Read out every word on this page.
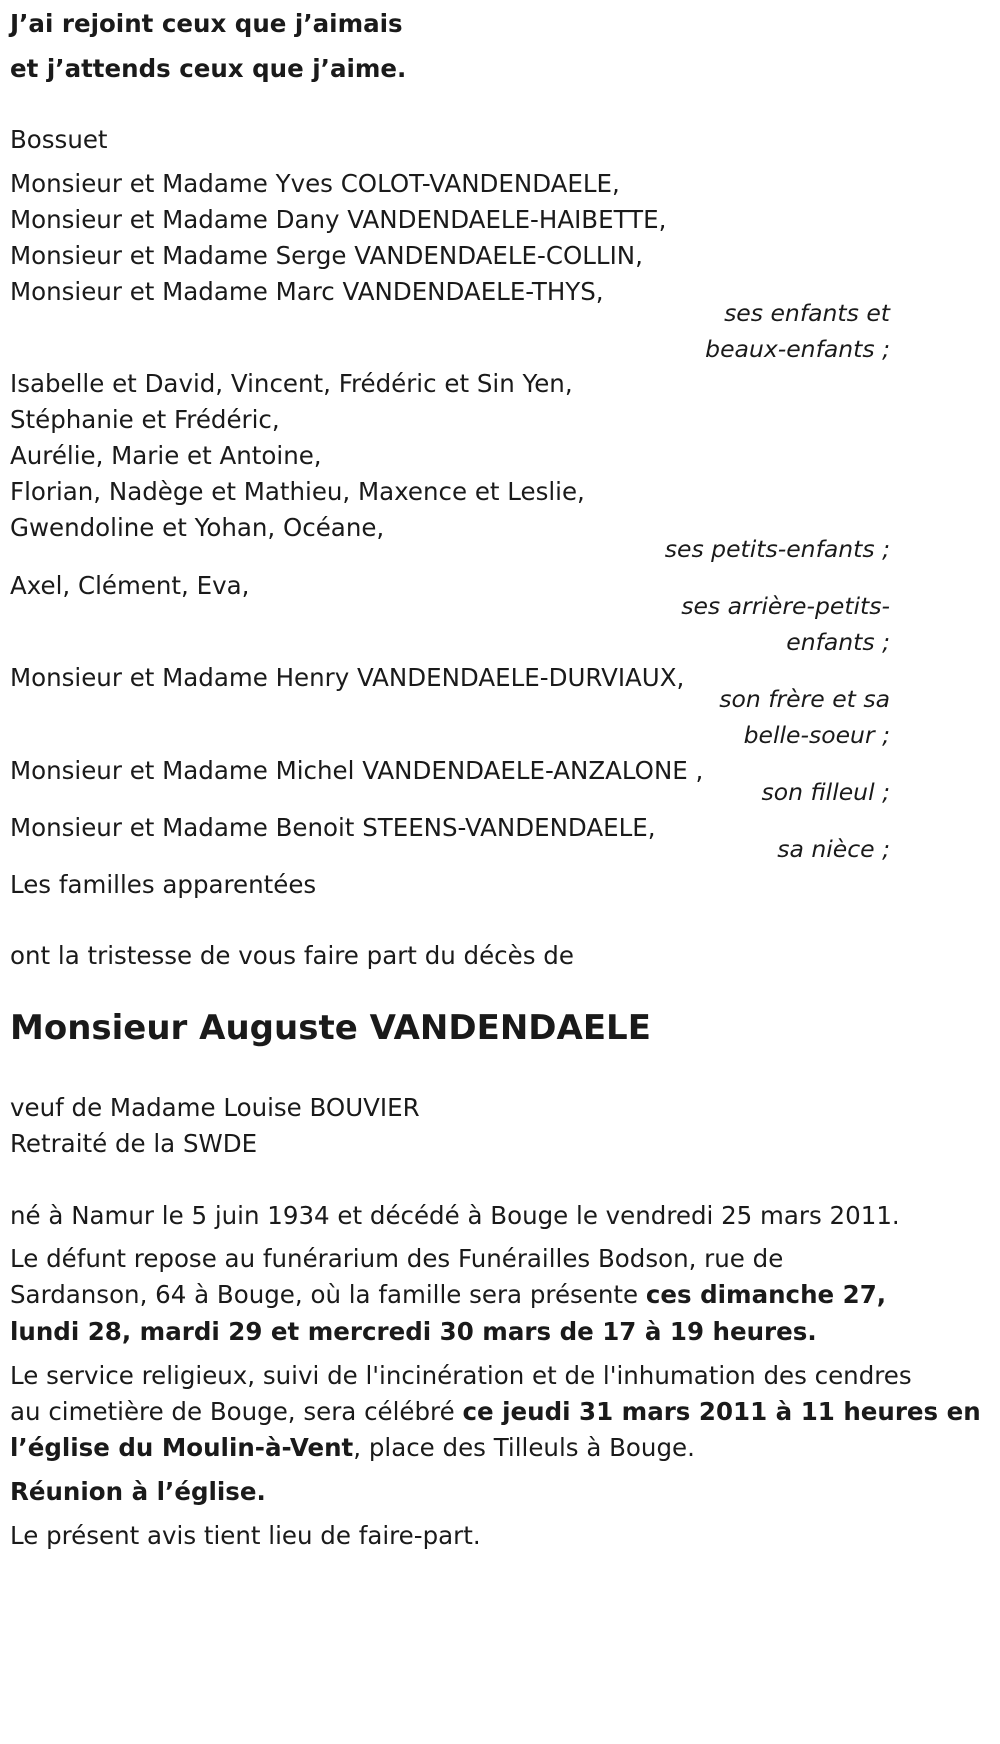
J’ai rejoint ceux que j’aimais
et j’attends ceux que j’aime.
Bossuet
Monsieur et Madame Yves COLOT-VANDENDAELE,
Monsieur et Madame Dany VANDENDAELE-HAIBETTE,
Monsieur et Madame Serge VANDENDAELE-COLLIN,
Monsieur et Madame Marc VANDENDAELE-THYS,
ses enfants et
beaux-enfants ;
Isabelle et David, Vincent, Frédéric et Sin Yen,
Stéphanie et Frédéric,
Aurélie, Marie et Antoine,
Florian, Nadège et Mathieu, Maxence et Leslie,
Gwendoline et Yohan, Océane,
ses petits-enfants ;
Axel, Clément, Eva,
ses arrière-petits-
enfants ;
Monsieur et Madame Henry VANDENDAELE-DURVIAUX,
son frère et sa
belle-soeur ;
Monsieur et Madame Michel VANDENDAELE-ANZALONE ,
son filleul ;
Monsieur et Madame Benoit STEENS-VANDENDAELE,
sa nièce ;
Les familles apparentées
ont la tristesse de vous faire part du décès de
Monsieur Auguste VANDENDAELE
veuf de Madame Louise BOUVIER
Retraité de la SWDE
né à Namur le 5 juin 1934 et décédé à Bouge le vendredi 25 mars 2011.
Le défunt repose au funérarium des Funérailles Bodson, rue de
Sardanson, 64 à Bouge, où la famille sera présente ces dimanche 27,
lundi 28, mardi 29 et mercredi 30 mars de 17 à 19 heures.
Le service religieux, suivi de l'incinération et de l'inhumation des cendres
au cimetière de Bouge, sera célébré ce jeudi 31 mars 2011 à 11 heures en
l’église du Moulin-à-Vent, place des Tilleuls à Bouge.
Réunion à l’église.
Le présent avis tient lieu de faire-part.
